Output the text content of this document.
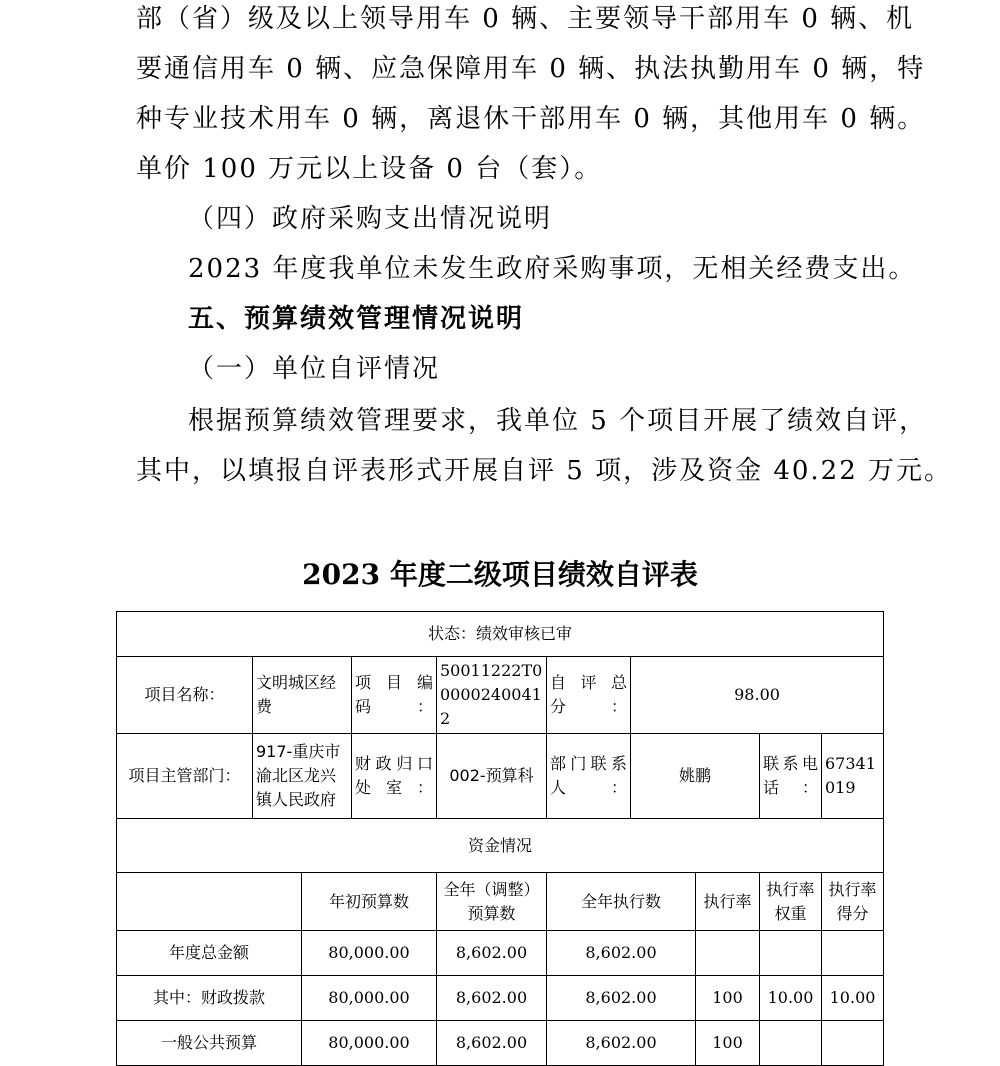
部（省）级及以上领导用车 0 辆、主要领导干部用车 0 辆、机
要通信用车 0 辆、应急保障用车 0 辆、执法执勤用车 0 辆，特
种专业技术用车 0 辆，离退休干部用车 0 辆，其他用车 0 辆。
单价 100 万元以上设备 0 台（套）。
（四）政府采购支出情况说明
2023 年度我单位未发生政府采购事项，无相关经费支出。
五、预算绩效管理情况说明
（一）单位自评情况
根据预算绩效管理要求，我单位 5 个项目开展了绩效自评，
其中，以填报自评表形式开展自评 5 项，涉及资金 40.22 万元。
2023 年度二级项目绩效自评表
状态：绩效审核已审									
项目名称：	文明城区经费		项目编码：	50011222T000002400412	自评总分：	98.00			
项目主管部门：	917-重庆市渝北区龙兴镇人民政府		财政归口处室：	002-预算科	部门联系人：	姚鹏		联系电话：	67341019
资金情况									
		年初预算数		全年（调整）预算数	全年执行数		执行率	执行率权重	执行率得分
年度总金额		80,000.00		8,602.00	8,602.00				
其中：财政拨款		80,000.00		8,602.00	8,602.00		100	10.00	10.00
一般公共预算		80,000.00		8,602.00	8,602.00		100		
